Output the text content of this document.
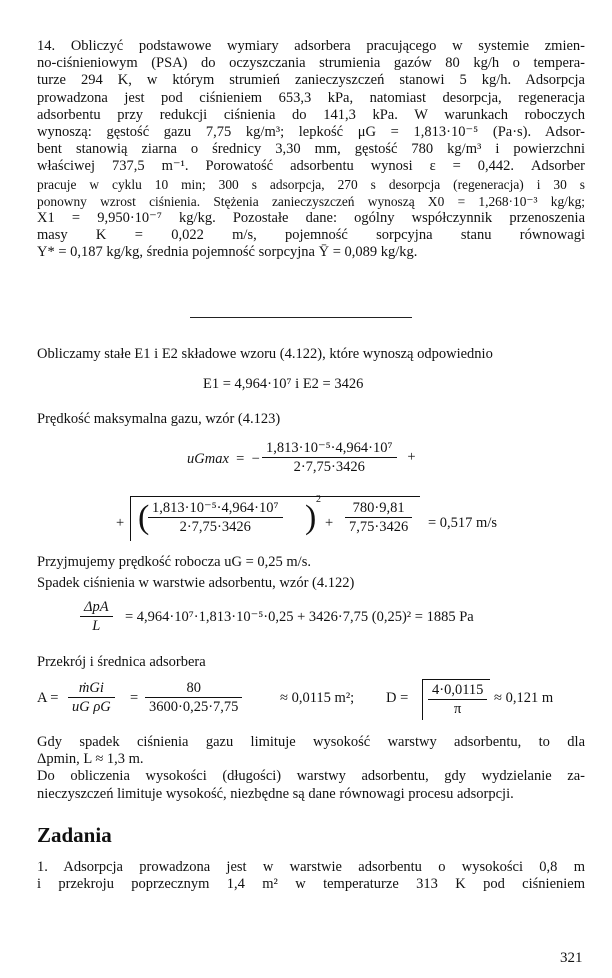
14. Obliczyć podstawowe wymiary adsorbera pracującego w systemie zmien-
no-ciśnieniowym (PSA) do oczyszczania strumienia gazów 80 kg/h o tempera-
turze 294 K, w którym strumień zanieczyszczeń stanowi 5 kg/h. Adsorpcja
prowadzona jest pod ciśnieniem 653,3 kPa, natomiast desorpcja, regeneracja
adsorbentu przy redukcji ciśnienia do 141,3 kPa. W warunkach roboczych
wynoszą: gęstość gazu 7,75 kg/m³; lepkość μG = 1,813·10⁻⁵ (Pa·s). Adsor-
bent stanowią ziarna o średnicy 3,30 mm, gęstość 780 kg/m³ i powierzchni
właściwej 737,5 m⁻¹. Porowatość adsorbentu wynosi ε = 0,442. Adsorber
pracuje w cyklu 10 min; 300 s adsorpcja, 270 s desorpcja (regeneracja) i 30 s
ponowny wzrost ciśnienia. Stężenia zanieczyszczeń wynoszą X0 = 1,268·10⁻³ kg/kg;
X1 = 9,950·10⁻⁷ kg/kg. Pozostałe dane: ogólny współczynnik przenoszenia
masy K = 0,022 m/s, pojemność sorpcyjna stanu równowagi
Y* = 0,187 kg/kg, średnia pojemność sorpcyjna Ȳ = 0,089 kg/kg.
Obliczamy stałe E1 i E2 składowe wzoru (4.122), które wynoszą odpowiednio
E1 = 4,964·10⁷ i E2 = 3426
Prędkość maksymalna gazu, wzór (4.123)
uGmax  =  − $\frac{\text{1,813·10⁻⁵·4,964·10⁷}}{2\cdot 7,75\cdot 3426}$ +
+ (
$\frac{\text{1,813·10⁻⁵·4,964·10⁷}}{2\cdot 7,75\cdot 3426}$ ) 2
+ $\frac{780\cdot 9,81}{7,75\cdot 3426} = 0,517$ m/s
Przyjmujemy prędkość robocza uG = 0,25 m/s.
Spadek ciśnienia w warstwie adsorbentu, wzór (4.122)
$\frac{\text{ΔpA}}{L} = 4,964\cdot 10^7\cdot 1,813\cdot 10^{-5}\cdot 0,25 + 3426\cdot 7,75$ (0,25)² = 1885 Pa
Przekrój i średnica adsorbera
$A = \frac{\text{ṁGi}}{\text{uG ρG}} = \frac{80}{3600\cdot 0,25\cdot 7,75}$	≈ 0,0115 m²; $D = \frac{4\cdot 0,0115}{\pi} \approx 0,121$ m
Gdy spadek ciśnienia gazu limituje wysokość warstwy adsorbentu, to dla
Δpmin, L ≈ 1,3 m.
Do obliczenia wysokości (długości) warstwy adsorbentu, gdy wydzielanie za-
nieczyszczeń limituje wysokość, niezbędne są dane równowagi procesu adsorpcji.
Zadania
1. Adsorpcja prowadzona jest w warstwie adsorbentu o wysokości 0,8 m
i przekroju poprzecznym 1,4 m² w temperaturze 313 K pod ciśnieniem
321
